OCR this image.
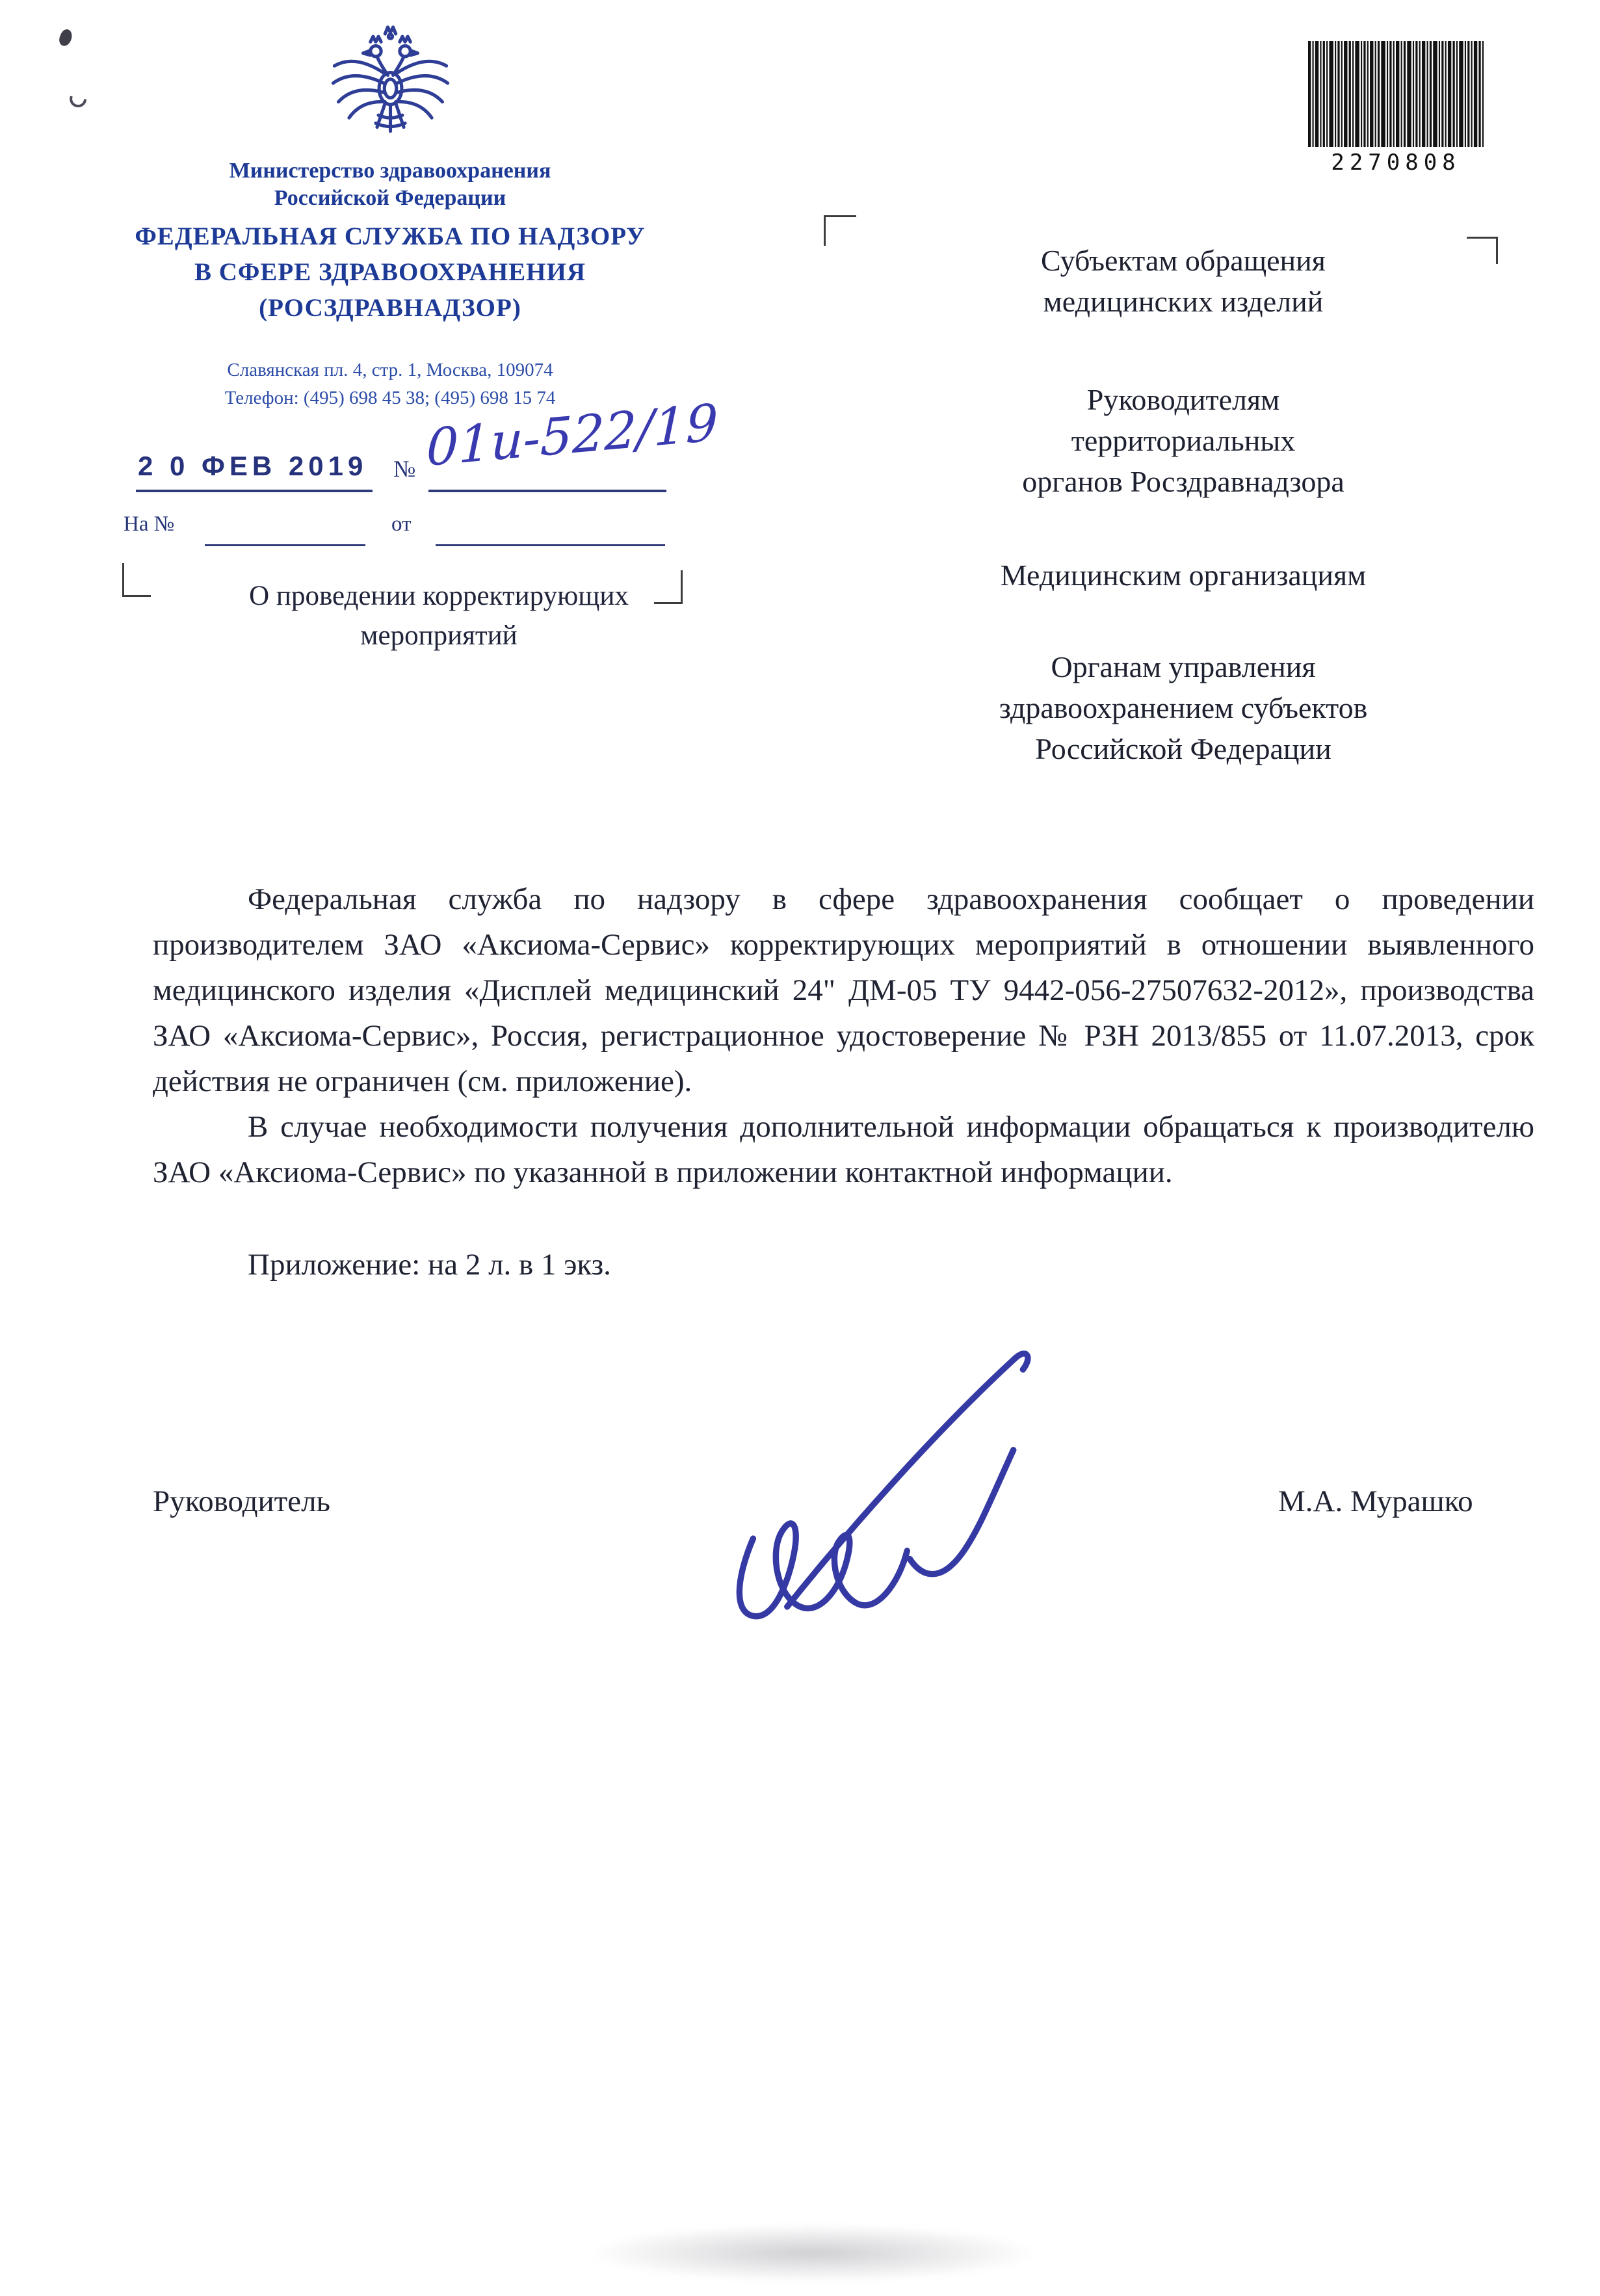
Министерство здравоохранения
Российской Федерации
ФЕДЕРАЛЬНАЯ СЛУЖБА ПО НАДЗОРУ
В СФЕРЕ ЗДРАВООХРАНЕНИЯ
(РОСЗДРАВНАДЗОР)
Славянская пл. 4, стр. 1, Москва, 109074
Телефон: (495) 698 45 38; (495) 698 15 74
2 0 ФЕВ 2019 № 01и-522/19
На №	от
О проведении корректирующих
мероприятий
Субъектам обращения
медицинских изделий
Руководителям
территориальных
органов Росздравнадзора
Медицинским организациям
Органам управления
здравоохранением субъектов
Российской Федерации
2270808

Федеральная служба по надзору в сфере здравоохранения сообщает о проведении производителем ЗАО «Аксиома-Сервис» корректирующих мероприятий в отношении выявленного медицинского изделия «Дисплей медицинский 24" ДМ-05 ТУ 9442-056-27507632-2012», производства ЗАО «Аксиома-Сервис», Россия, регистрационное удостоверение № РЗН 2013/855 от 11.07.2013, срок действия не ограничен (см. приложение).

В случае необходимости получения дополнительной информации обращаться к производителю ЗАО «Аксиома-Сервис» по указанной в приложении контактной информации.

Приложение: на 2 л. в 1 экз.

Руководитель	М.А. Мурашко
